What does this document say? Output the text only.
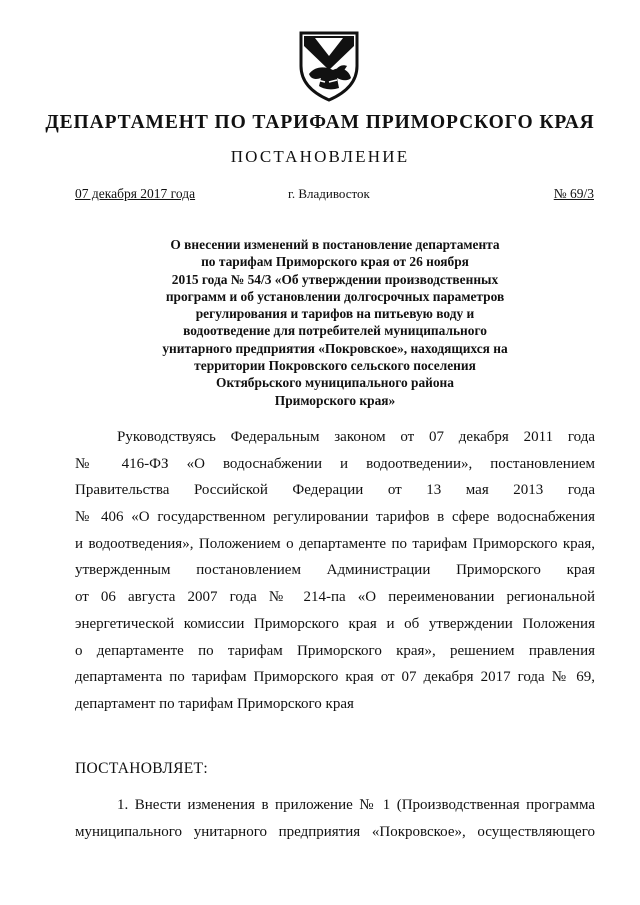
ДЕПАРТАМЕНТ ПО ТАРИФАМ ПРИМОРСКОГО КРАЯ
ПОСТАНОВЛЕНИЕ
07 декабря 2017 года	г. Владивосток	№ 69/3
О внесении изменений в постановление департамента
по тарифам Приморского края от 26 ноября
2015 года № 54/3 «Об утверждении производственных
программ и об установлении долгосрочных параметров
регулирования и тарифов на питьевую воду и
водоотведение для потребителей муниципального
унитарного предприятия «Покровское», находящихся на
территории Покровского сельского поселения
Октябрьского муниципального района
Приморского края»
Руководствуясь Федеральным законом от 07 декабря 2011 года
№ 416-ФЗ «О водоснабжении и водоотведении», постановлением
Правительства Российской Федерации от 13 мая 2013 года
№ 406 «О государственном регулировании тарифов в сфере водоснабжения
и водоотведения», Положением о департаменте по тарифам Приморского края,
утвержденным постановлением Администрации Приморского края
от 06 августа 2007 года № 214-па «О переименовании региональной
энергетической комиссии Приморского края и об утверждении Положения
о департаменте по тарифам Приморского края», решением правления
департамента по тарифам Приморского края от 07 декабря 2017 года № 69,
департамент по тарифам Приморского края
ПОСТАНОВЛЯЕТ:
1. Внести изменения в приложение № 1 (Производственная программа
муниципального унитарного предприятия «Покровское», осуществляющего
